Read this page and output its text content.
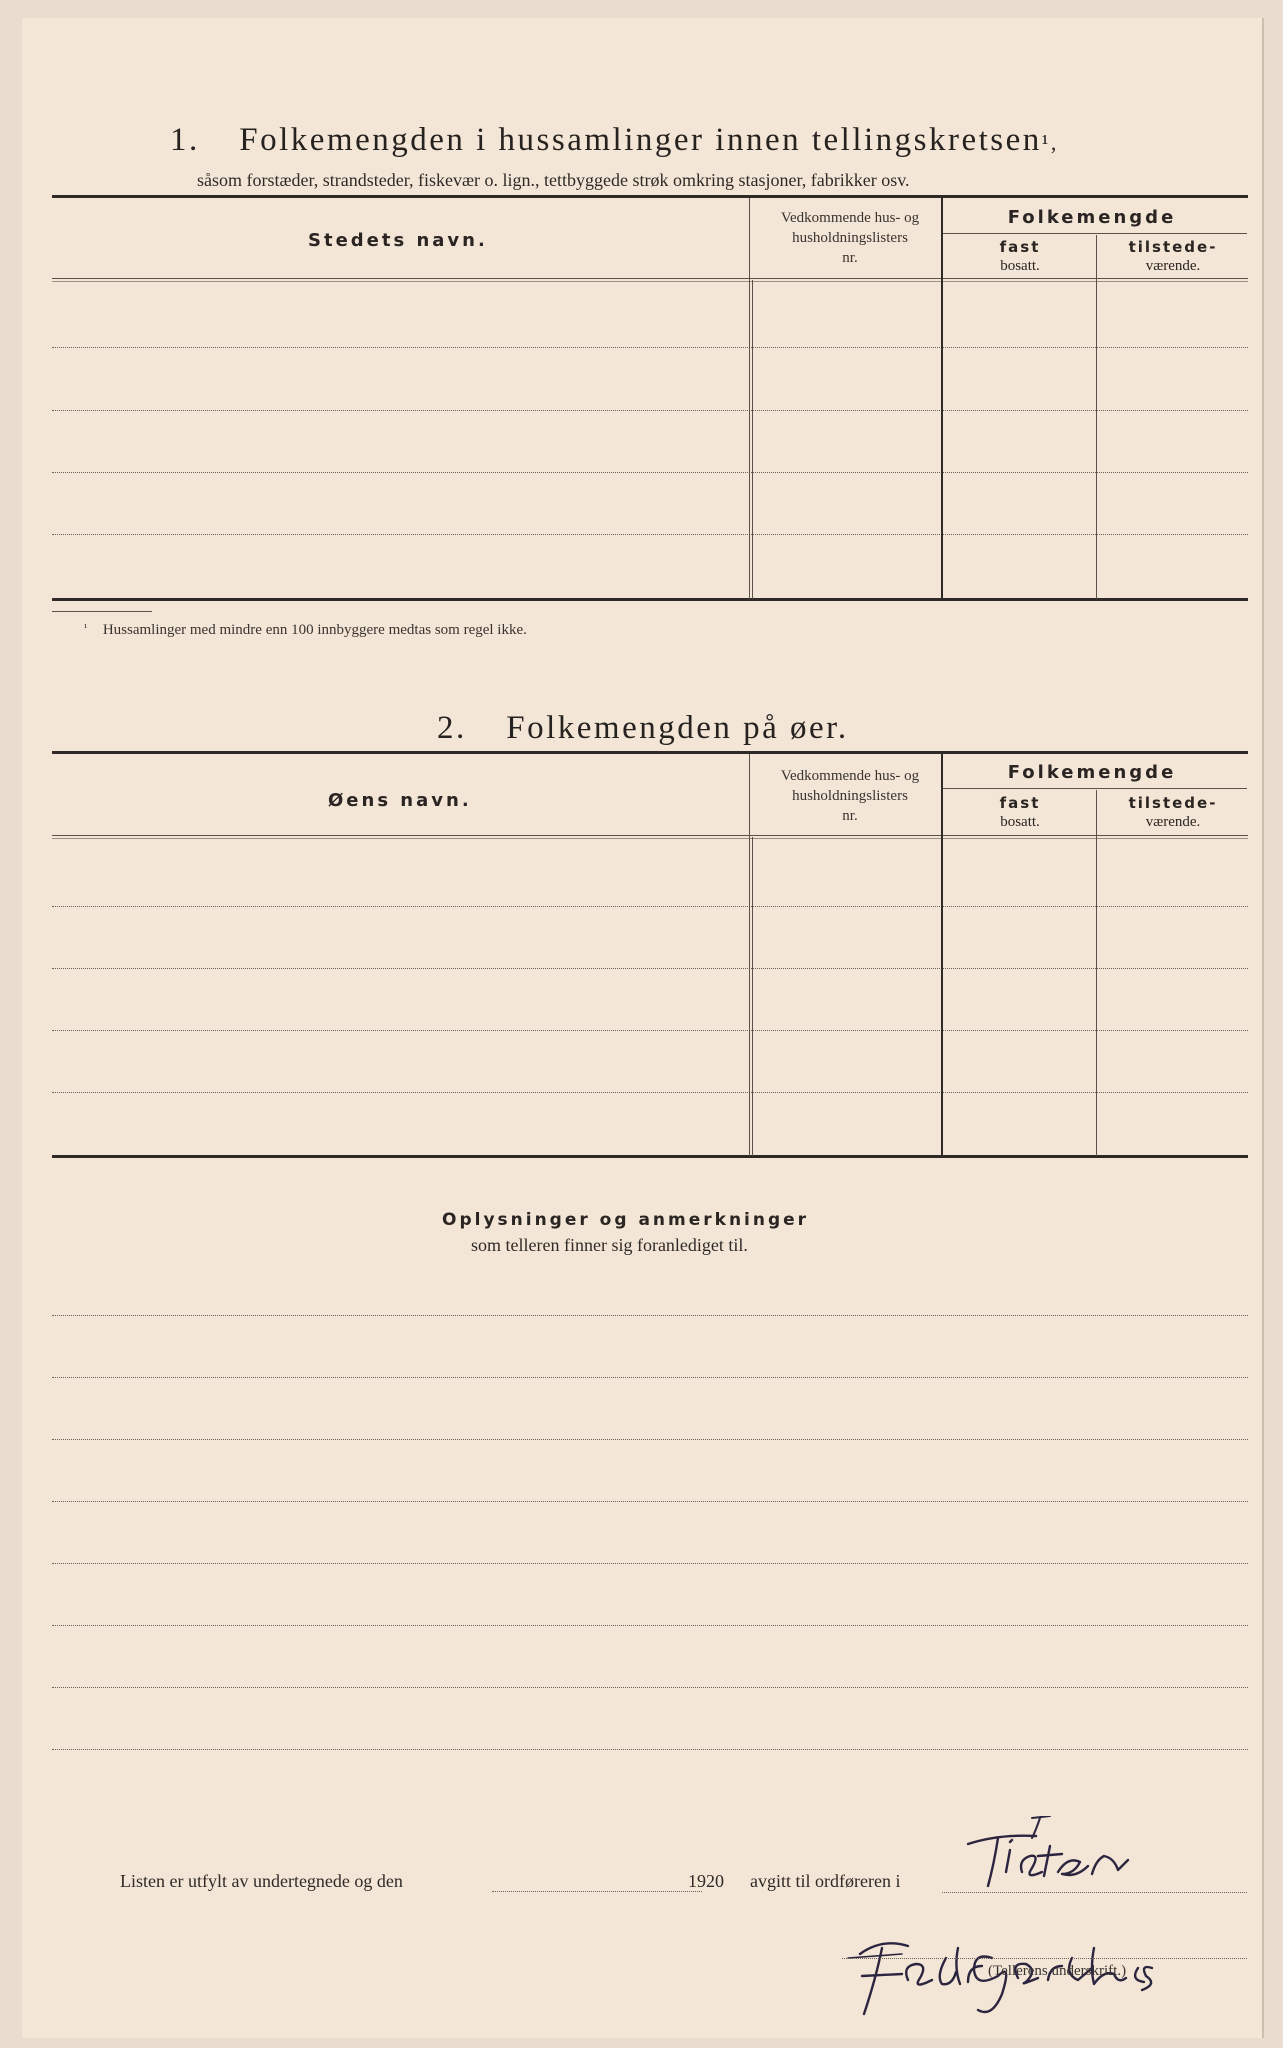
1. Folkemengden i hussamlinger innen tellingskretsen¹,
såsom forstæder, strandsteder, fiskevær o. lign., tettbyggede strøk omkring stasjoner, fabrikker osv.
Stedets navn.
Vedkommende hus- og
husholdningslisters
nr.
Folkemengde
fast
bosatt.
tilstede-
værende.
$^{^1}$ Hussamlinger med mindre enn 100 innbyggere medtas som regel ikke.
2. Folkemengden på øer.
Øens navn.
Vedkommende hus- og
husholdningslisters
nr.
Folkemengde
fast
bosatt.
tilstede-
værende.
Oplysninger og anmerkninger
som telleren finner sig foranlediget til.
Listen er utfylt av undertegnede og den	1920 avgitt til ordføreren i
(Tellerens underskrift.)
